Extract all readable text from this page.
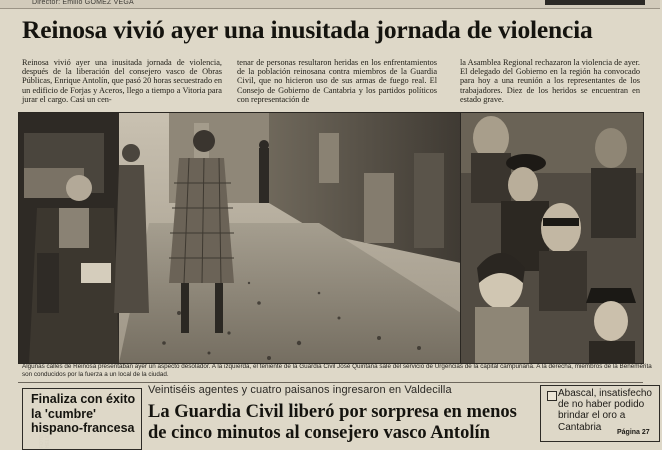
Director: Emilio GÓMEZ VEGA
Reinosa vivió ayer una inusitada jornada de violencia
Reinosa vivió ayer una inusitada jornada de violencia, después de la liberación del consejero vasco de Obras Públicas, Enrique Antolín, que pasó 20 horas secuestrado en un edificio de Forjas y Aceros, llego a tiempo a Vitoria para jurar el cargo. Casi un cen-
tenar de personas resultaron heridas en los enfrentamientos de la población reinosana contra miembros de la Guardia Civil, que no hicieron uso de sus armas de fuego real. El Consejo de Gobierno de Cantabria y los partidos políticos con representación de
la Asamblea Regional rechazaron la violencia de ayer. El delegado del Gobierno en la región ha convocado para hoy a una reunión a los representantes de los trabajadores. Diez de los heridos se encuentran en estado grave.
FOTO: HELIO
Algunas calles de Reinosa presentaban ayer un aspecto desolador. A la izquierda, el teniente de la Guardia Civil José Quintana sale del servicio de Urgencias de la capital campuriana. A la derecha, miembros de la Benemérita son conducidos por la fuerza a un local de la ciudad.
Finaliza con éxito la 'cumbre' hispano-francesa
Veintiséis agentes y cuatro paisanos ingresaron en Valdecilla
La Guardia Civil liberó por sorpresa en menos de cinco minutos al consejero vasco Antolín
Abascal, insatisfecho de no haber podido brindar el oro a Cantabria	Página 27
